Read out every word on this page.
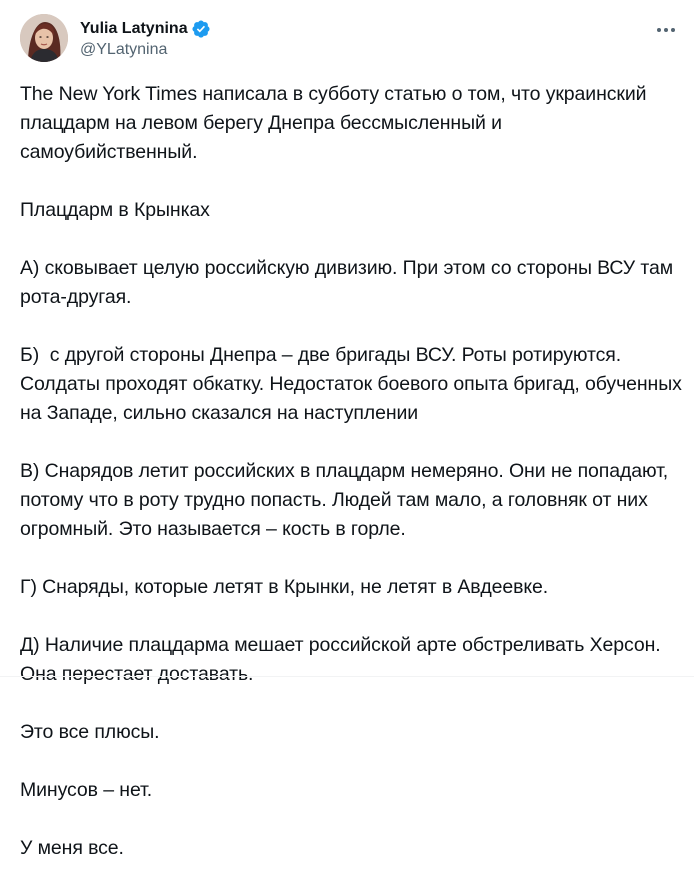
Yulia Latynina
@YLatynina

The New York Times написала в субботу статью о том, что украинский плацдарм на левом берегу Днепра бессмысленный и самоубийственный.

Плацдарм в Крынках

А) сковывает целую российскую дивизию. При этом со стороны ВСУ там рота-другая.

Б)  с другой стороны Днепра – две бригады ВСУ. Роты ротируются. Солдаты проходят обкатку. Недостаток боевого опыта бригад, обученных на Западе, сильно сказался на наступлении

В) Снарядов летит российских в плацдарм немеряно. Они не попадают, потому что в роту трудно попасть. Людей там мало, а головняк от них огромный. Это называется – кость в горле.

Г) Снаряды, которые летят в Крынки, не летят в Авдеевке.

Д) Наличие плацдарма мешает российской арте обстреливать Херсон. Она перестает доставать.

Это все плюсы.

Минусов – нет.

У меня все.
